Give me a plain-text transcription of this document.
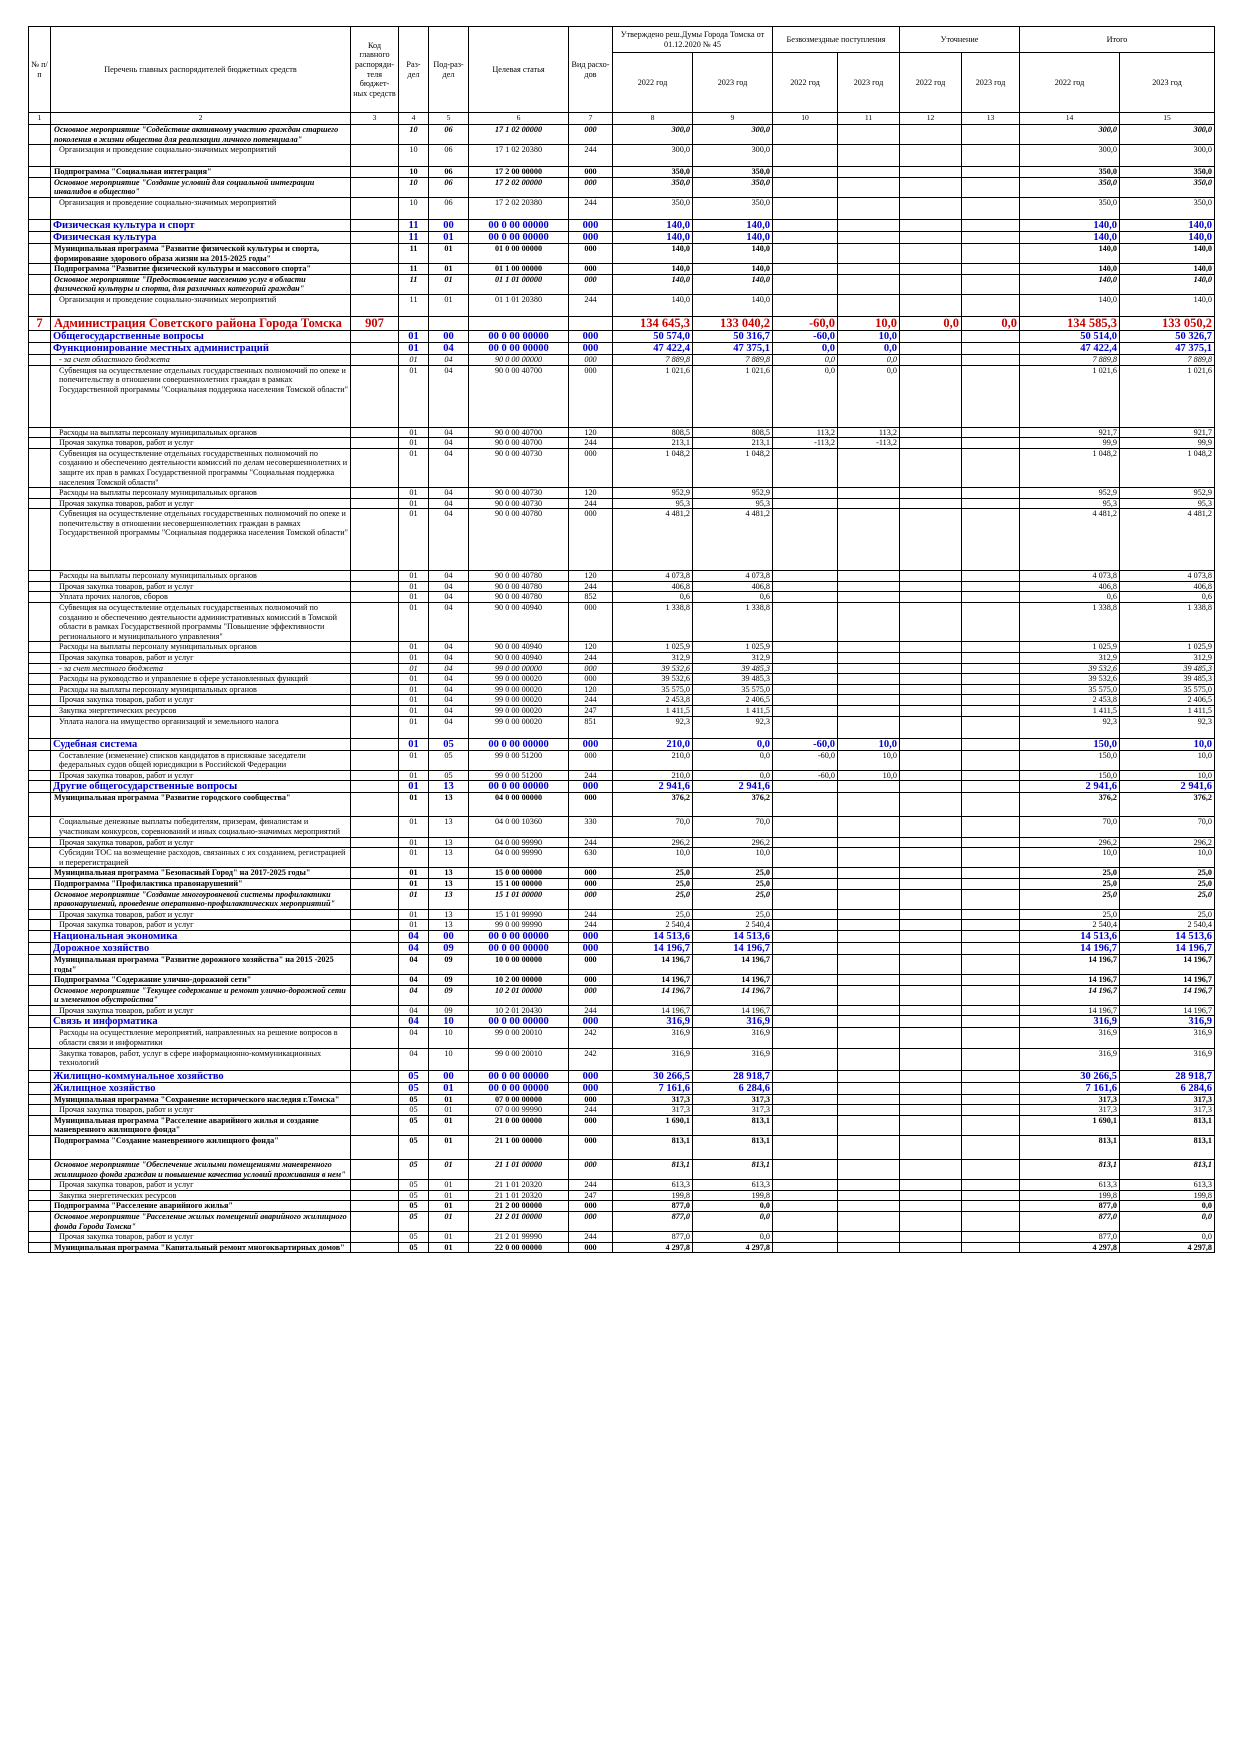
№ п/п	Перечень главных распорядителей бюджетных средств	Код главного распоряди-теля бюджет-ных средств	Раз-дел	Под-раз-дел	Целевая статья	Вид расхо-дов	Утверждено реш.Думы Города Томска от 01.12.2020 № 45		Безвозмездные поступления		Уточнение		Итого	
							2022 год	2023 год	2022 год	2023 год	2022 год	2023 год	2022 год	2023 год
1	2	3	4	5	6	7	8	9	10	11	12	13	14	15
	Основное мероприятие "Содействие активному участию граждан старшего поколения в жизни общества для реализации личного потенциала"		10	06	17 1 02 00000	000	300,0	300,0					300,0	300,0
	Организация и проведение социально-значимых мероприятий		10	06	17 1 02 20380	244	300,0	300,0					300,0	300,0
	Подпрограмма "Социальная интеграция"		10	06	17 2 00 00000	000	350,0	350,0					350,0	350,0
	Основное мероприятие "Создание условий для социальной интеграции инвалидов в общество"		10	06	17 2 02 00000	000	350,0	350,0					350,0	350,0
	Организация и проведение социально-значимых мероприятий		10	06	17 2 02 20380	244	350,0	350,0					350,0	350,0
	Физическая культура и спорт		11	00	00 0 00 00000	000	140,0	140,0					140,0	140,0
	Физическая культура		11	01	00 0 00 00000	000	140,0	140,0					140,0	140,0
	Муниципальная программа "Развитие физической культуры и спорта, формирование здорового образа жизни на 2015-2025 годы"		11	01	01 0 00 00000	000	140,0	140,0					140,0	140,0
	Подпрограмма "Развитие физической культуры и массового спорта"		11	01	01 1 00 00000	000	140,0	140,0					140,0	140,0
	Основное мероприятие "Предоставление населению услуг в области физической культуры и спорта, для различных категорий граждан"		11	01	01 1 01 00000	000	140,0	140,0					140,0	140,0
	Организация и проведение социально-значимых мероприятий		11	01	01 1 01 20380	244	140,0	140,0					140,0	140,0
7	Администрация Советского района Города Томска	907					134 645,3	133 040,2	-60,0	10,0	0,0	0,0	134 585,3	133 050,2
	Общегосударственные вопросы		01	00	00 0 00 00000	000	50 574,0	50 316,7	-60,0	10,0			50 514,0	50 326,7
	Функционирование местных администраций		01	04	00 0 00 00000	000	47 422,4	47 375,1	0,0	0,0			47 422,4	47 375,1
	- за счет областного бюджета		01	04	90 0 00 00000	000	7 889,8	7 889,8	0,0	0,0			7 889,8	7 889,8
	Субвенция на осуществление отдельных государственных полномочий по опеке и попечительству в отношении совершеннолетних граждан в рамках Государственной программы "Социальная поддержка населения Томской области"		01	04	90 0 00 40700	000	1 021,6	1 021,6	0,0	0,0			1 021,6	1 021,6
	Расходы на выплаты персоналу муниципальных органов		01	04	90 0 00 40700	120	808,5	808,5	113,2	113,2			921,7	921,7
	Прочая закупка товаров, работ и услуг		01	04	90 0 00 40700	244	213,1	213,1	-113,2	-113,2			99,9	99,9
	Субвенция на осуществление отдельных государственных полномочий по созданию и обеспечению деятельности комиссий по делам несовершеннолетних и защите их прав в рамках Государственной программы "Социальная поддержка населения Томской области"		01	04	90 0 00 40730	000	1 048,2	1 048,2					1 048,2	1 048,2
	Расходы на выплаты персоналу муниципальных органов		01	04	90 0 00 40730	120	952,9	952,9					952,9	952,9
	Прочая закупка товаров, работ и услуг		01	04	90 0 00 40730	244	95,3	95,3					95,3	95,3
	Субвенция на осуществление отдельных государственных полномочий по опеке и попечительству в отношении несовершеннолетних граждан в рамках Государственной программы "Социальная поддержка населения Томской области"		01	04	90 0 00 40780	000	4 481,2	4 481,2					4 481,2	4 481,2
	Расходы на выплаты персоналу муниципальных органов		01	04	90 0 00 40780	120	4 073,8	4 073,8					4 073,8	4 073,8
	Прочая закупка товаров, работ и услуг		01	04	90 0 00 40780	244	406,8	406,8					406,8	406,8
	Уплата прочих налогов, сборов		01	04	90 0 00 40780	852	0,6	0,6					0,6	0,6
	Субвенция на осуществление отдельных государственных полномочий по созданию и обеспечению деятельности административных комиссий в Томской области в рамках Государственной программы "Повышение эффективности регионального и муниципального управления"		01	04	90 0 00 40940	000	1 338,8	1 338,8					1 338,8	1 338,8
	Расходы на выплаты персоналу муниципальных органов		01	04	90 0 00 40940	120	1 025,9	1 025,9					1 025,9	1 025,9
	Прочая закупка товаров, работ и услуг		01	04	90 0 00 40940	244	312,9	312,9					312,9	312,9
	- за счет местного бюджета		01	04	99 0 00 00000	000	39 532,6	39 485,3					39 532,6	39 485,3
	Расходы на руководство и управление в сфере установленных функций		01	04	99 0 00 00020	000	39 532,6	39 485,3					39 532,6	39 485,3
	Расходы на выплаты персоналу муниципальных органов		01	04	99 0 00 00020	120	35 575,0	35 575,0					35 575,0	35 575,0
	Прочая закупка товаров, работ и услуг		01	04	99 0 00 00020	244	2 453,8	2 406,5					2 453,8	2 406,5
	Закупка энергетических ресурсов		01	04	99 0 00 00020	247	1 411,5	1 411,5					1 411,5	1 411,5
	Уплата налога на имущество организаций и земельного налога		01	04	99 0 00 00020	851	92,3	92,3					92,3	92,3
	Судебная система		01	05	00 0 00 00000	000	210,0	0,0	-60,0	10,0			150,0	10,0
	Составление (изменение) списков кандидатов в присяжные заседатели федеральных судов общей юрисдикции в Российской Федерации		01	05	99 0 00 51200	000	210,0	0,0	-60,0	10,0			150,0	10,0
	Прочая закупка товаров, работ и услуг		01	05	99 0 00 51200	244	210,0	0,0	-60,0	10,0			150,0	10,0
	Другие общегосударственные вопросы		01	13	00 0 00 00000	000	2 941,6	2 941,6					2 941,6	2 941,6
	Муниципальная программа "Развитие городского сообщества"		01	13	04 0 00 00000	000	376,2	376,2					376,2	376,2
	Социальные денежные выплаты победителям, призерам, финалистам и участникам конкурсов, соревнований и иных социально-значимых мероприятий		01	13	04 0 00 10360	330	70,0	70,0					70,0	70,0
	Прочая закупка товаров, работ и услуг		01	13	04 0 00 99990	244	296,2	296,2					296,2	296,2
	Субсидии ТОС на возмещение расходов, связанных с их созданием, регистрацией и перерегистрацией		01	13	04 0 00 99990	630	10,0	10,0					10,0	10,0
	Муниципальная программа "Безопасный Город" на 2017-2025 годы"		01	13	15 0 00 00000	000	25,0	25,0					25,0	25,0
	Подпрограмма "Профилактика правонарушений"		01	13	15 1 00 00000	000	25,0	25,0					25,0	25,0
	Основное мероприятие "Создание многоуровневой системы профилактики правонарушений, проведение оперативно-профилактических мероприятий"		01	13	15 1 01 00000	000	25,0	25,0					25,0	25,0
	Прочая закупка товаров, работ и услуг		01	13	15 1 01 99990	244	25,0	25,0					25,0	25,0
	Прочая закупка товаров, работ и услуг		01	13	99 0 00 99990	244	2 540,4	2 540,4					2 540,4	2 540,4
	Национальная экономика		04	00	00 0 00 00000	000	14 513,6	14 513,6					14 513,6	14 513,6
	Дорожное хозяйство		04	09	00 0 00 00000	000	14 196,7	14 196,7					14 196,7	14 196,7
	Муниципальная программа "Развитие дорожного хозяйства" на 2015 -2025 годы"		04	09	10 0 00 00000	000	14 196,7	14 196,7					14 196,7	14 196,7
	Подпрограмма "Содержание улично-дорожной сети"		04	09	10 2 00 00000	000	14 196,7	14 196,7					14 196,7	14 196,7
	Основное мероприятие "Текущее содержание и ремонт улично-дорожной сети и элементов обустройства"		04	09	10 2 01 00000	000	14 196,7	14 196,7					14 196,7	14 196,7
	Прочая закупка товаров, работ и услуг		04	09	10 2 01 20430	244	14 196,7	14 196,7					14 196,7	14 196,7
	Связь и информатика		04	10	00 0 00 00000	000	316,9	316,9					316,9	316,9
	Расходы на осуществление мероприятий, направленных на решение вопросов в области связи и информатики		04	10	99 0 00 20010	242	316,9	316,9					316,9	316,9
	Закупка товаров, работ, услуг в сфере информационно-коммуникационных технологий		04	10	99 0 00 20010	242	316,9	316,9					316,9	316,9
	Жилищно-коммунальное хозяйство		05	00	00 0 00 00000	000	30 266,5	28 918,7					30 266,5	28 918,7
	Жилищное хозяйство		05	01	00 0 00 00000	000	7 161,6	6 284,6					7 161,6	6 284,6
	Муниципальная программа "Сохранение исторического наследия г.Томска"		05	01	07 0 00 00000	000	317,3	317,3					317,3	317,3
	Прочая закупка товаров, работ и услуг		05	01	07 0 00 99990	244	317,3	317,3					317,3	317,3
	Муниципальная программа "Расселение аварийного жилья и создание маневренного жилищного фонда"		05	01	21 0 00 00000	000	1 690,1	813,1					1 690,1	813,1
	Подпрограмма "Создание маневренного жилищного фонда"		05	01	21 1 00 00000	000	813,1	813,1					813,1	813,1
	Основное мероприятие "Обеспечение жилыми помещениями маневренного жилищного фонда граждан и повышение качества условий проживания в нем"		05	01	21 1 01 00000	000	813,1	813,1					813,1	813,1
	Прочая закупка товаров, работ и услуг		05	01	21 1 01 20320	244	613,3	613,3					613,3	613,3
	Закупка энергетических ресурсов		05	01	21 1 01 20320	247	199,8	199,8					199,8	199,8
	Подпрограмма "Расселение аварийного жилья"		05	01	21 2 00 00000	000	877,0	0,0					877,0	0,0
	Основное мероприятие "Расселение жилых помещений аварийного жилищного фонда Города Томска"		05	01	21 2 01 00000	000	877,0	0,0					877,0	0,0
	Прочая закупка товаров, работ и услуг		05	01	21 2 01 99990	244	877,0	0,0					877,0	0,0
	Муниципальная программа "Капитальный ремонт многоквартирных домов"		05	01	22 0 00 00000	000	4 297,8	4 297,8					4 297,8	4 297,8
